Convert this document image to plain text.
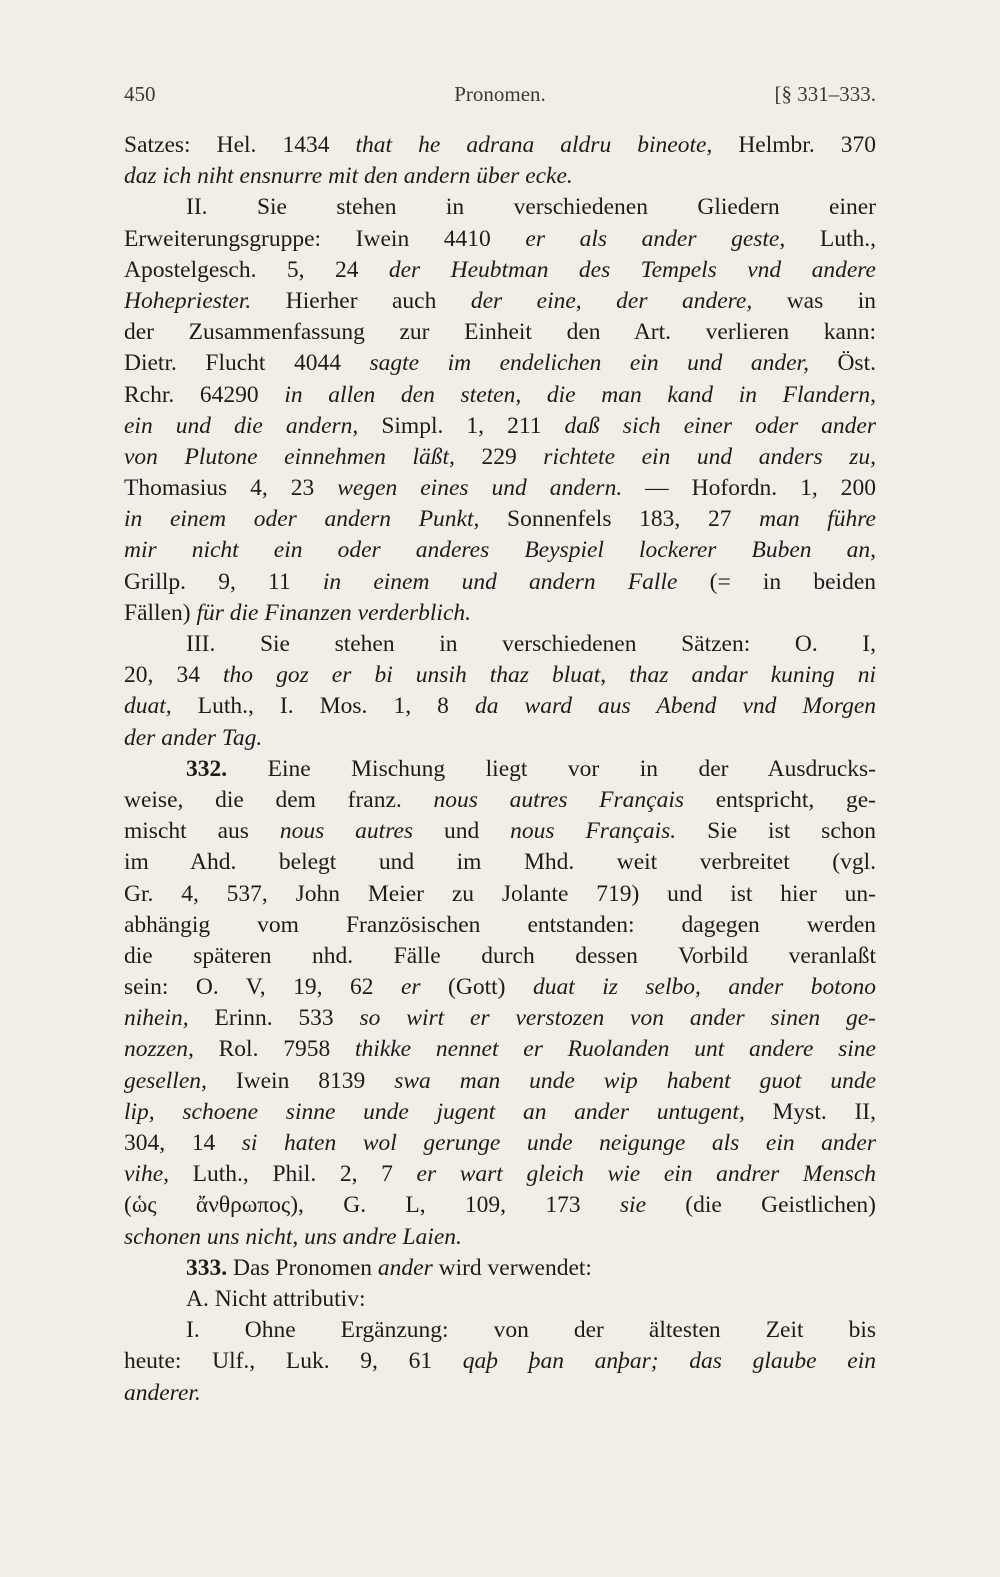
450	Pronomen.	[§ 331–333.
Satzes: Hel. 1434 that he adrana aldru bineote, Helmbr. 370
daz ich niht ensnurre mit den andern über ecke.
II. Sie stehen in verschiedenen Gliedern einer
Erweiterungsgruppe: Iwein 4410 er als ander geste, Luth.,
Apostelgesch. 5, 24 der Heubtman des Tempels vnd andere
Hohepriester. Hierher auch der eine, der andere, was in
der Zusammenfassung zur Einheit den Art. verlieren kann:
Dietr. Flucht 4044 sagte im endelichen ein und ander, Öst.
Rchr. 64290 in allen den steten, die man kand in Flandern,
ein und die andern, Simpl. 1, 211 daß sich einer oder ander
von Plutone einnehmen läßt, 229 richtete ein und anders zu,
Thomasius 4, 23 wegen eines und andern. — Hofordn. 1, 200
in einem oder andern Punkt, Sonnenfels 183, 27 man führe
mir nicht ein oder anderes Beyspiel lockerer Buben an,
Grillp. 9, 11 in einem und andern Falle (= in beiden
Fällen) für die Finanzen verderblich.
III. Sie stehen in verschiedenen Sätzen: O. I,
20, 34 tho goz er bi unsih thaz bluat, thaz andar kuning ni
duat, Luth., I. Mos. 1, 8 da ward aus Abend vnd Morgen
der ander Tag.
332. Eine Mischung liegt vor in der Ausdrucks-
weise, die dem franz. nous autres Français entspricht, ge-
mischt aus nous autres und nous Français. Sie ist schon
im Ahd. belegt und im Mhd. weit verbreitet (vgl.
Gr. 4, 537, John Meier zu Jolante 719) und ist hier un-
abhängig vom Französischen entstanden: dagegen werden
die späteren nhd. Fälle durch dessen Vorbild veranlaßt
sein: O. V, 19, 62 er (Gott) duat iz selbo, ander botono
nihein, Erinn. 533 so wirt er verstozen von ander sinen ge-
nozzen, Rol. 7958 thikke nennet er Ruolanden unt andere sine
gesellen, Iwein 8139 swa man unde wip habent guot unde
lip, schoene sinne unde jugent an ander untugent, Myst. II,
304, 14 si haten wol gerunge unde neigunge als ein ander
vihe, Luth., Phil. 2, 7 er wart gleich wie ein andrer Mensch
(ὡς ἄνθρωπος), G. L, 109, 173 sie (die Geistlichen)
schonen uns nicht, uns andre Laien.
333. Das Pronomen ander wird verwendet:
A. Nicht attributiv:
I. Ohne Ergänzung: von der ältesten Zeit bis
heute: Ulf., Luk. 9, 61 qaþ þan anþar; das glaube ein
anderer.
